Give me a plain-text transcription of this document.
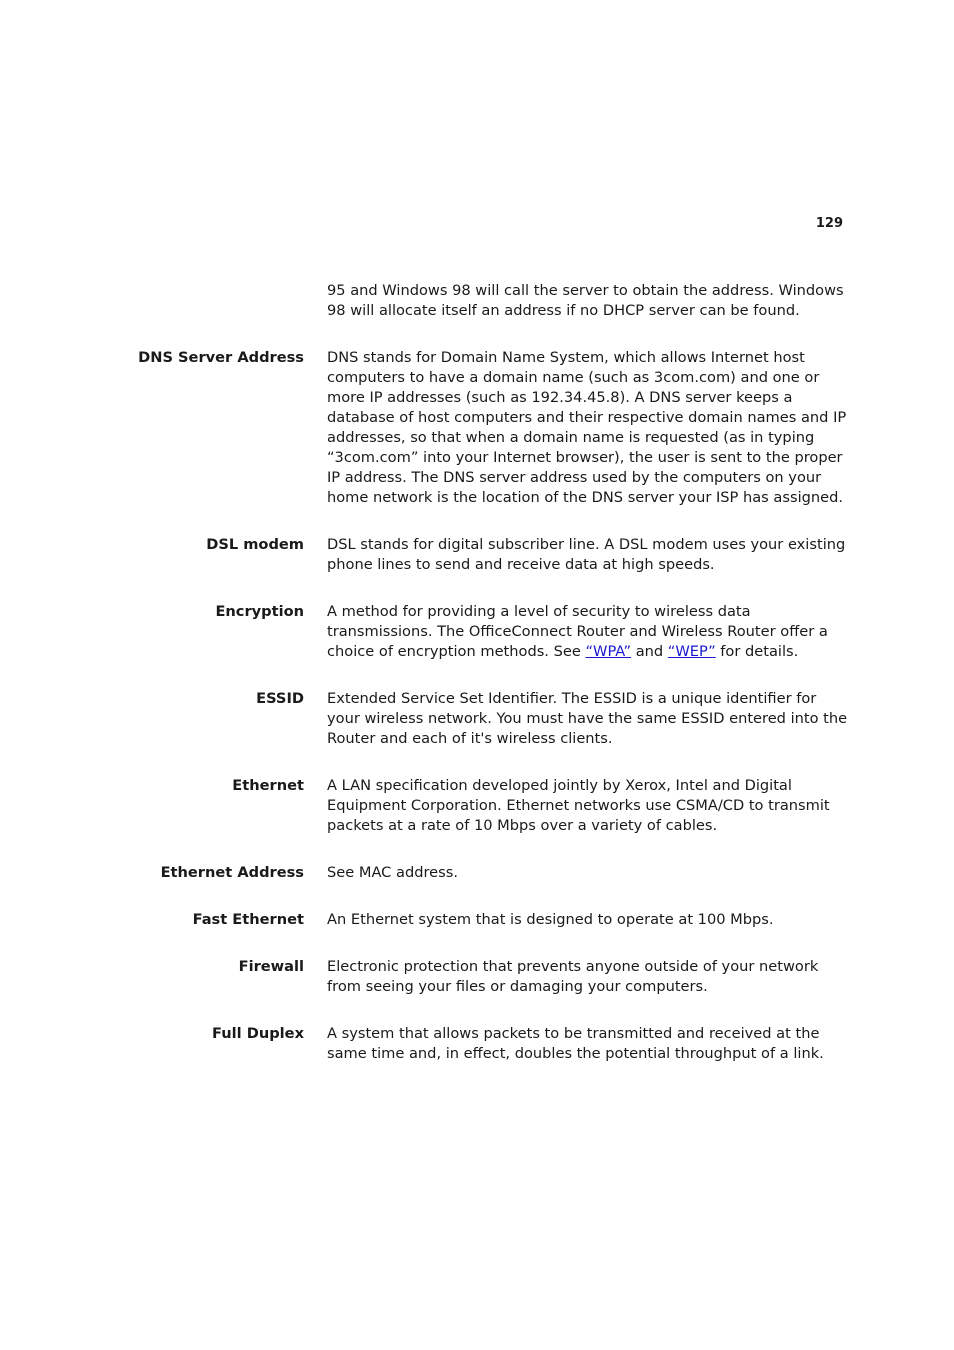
129
95 and Windows 98 will call the server to obtain the address. Windows 98 will allocate itself an address if no DHCP server can be found.
DNS Server Address DNS stands for Domain Name System, which allows Internet host computers to have a domain name (such as 3com.com) and one or more IP addresses (such as 192.34.45.8). A DNS server keeps a database of host computers and their respective domain names and IP addresses, so that when a domain name is requested (as in typing “3com.com” into your Internet browser), the user is sent to the proper IP address. The DNS server address used by the computers on your home network is the location of the DNS server your ISP has assigned.
DSL modem DSL stands for digital subscriber line. A DSL modem uses your existing phone lines to send and receive data at high speeds.
Encryption A method for providing a level of security to wireless data transmissions. The OfficeConnect Router and Wireless Router offer a choice of encryption methods. See “WPA” and “WEP” for details.
ESSID Extended Service Set Identifier. The ESSID is a unique identifier for your wireless network. You must have the same ESSID entered into the Router and each of it's wireless clients.
Ethernet A LAN specification developed jointly by Xerox, Intel and Digital Equipment Corporation. Ethernet networks use CSMA/CD to transmit packets at a rate of 10 Mbps over a variety of cables.
Ethernet Address See MAC address.
Fast Ethernet An Ethernet system that is designed to operate at 100 Mbps.
Firewall Electronic protection that prevents anyone outside of your network from seeing your files or damaging your computers.
Full Duplex A system that allows packets to be transmitted and received at the same time and, in effect, doubles the potential throughput of a link.
